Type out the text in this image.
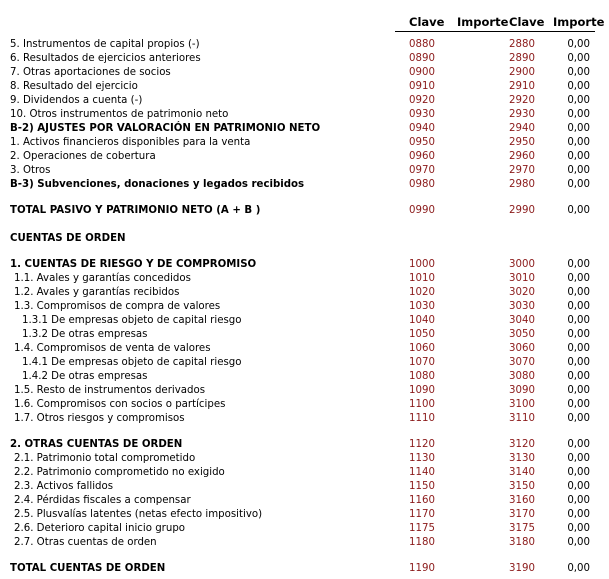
Clave Importe Clave Importe
5. Instrumentos de capital propios (-)	0880	2880	0,00
6. Resultados de ejercicios anteriores	0890	2890	0,00
7. Otras aportaciones de socios	0900	2900	0,00
8. Resultado del ejercicio	0910	2910	0,00
9. Dividendos a cuenta (-)	0920	2920	0,00
10. Otros instrumentos de patrimonio neto	0930	2930	0,00
B-2) AJUSTES POR VALORACIÓN EN PATRIMONIO NETO	0940	2940	0,00
1. Activos financieros disponibles para la venta	0950	2950	0,00
2. Operaciones de cobertura	0960	2960	0,00
3. Otros	0970	2970	0,00
B-3) Subvenciones, donaciones y legados recibidos	0980	2980	0,00
TOTAL PASIVO Y PATRIMONIO NETO (A + B )	0990	2990	0,00
CUENTAS DE ORDEN
1. CUENTAS DE RIESGO Y DE COMPROMISO	1000	3000	0,00
1.1. Avales y garantías concedidos	1010	3010	0,00
1.2. Avales y garantías recibidos	1020	3020	0,00
1.3. Compromisos de compra de valores	1030	3030	0,00
1.3.1 De empresas objeto de capital riesgo	1040	3040	0,00
1.3.2 De otras empresas	1050	3050	0,00
1.4. Compromisos de venta de valores	1060	3060	0,00
1.4.1 De empresas objeto de capital riesgo	1070	3070	0,00
1.4.2 De otras empresas	1080	3080	0,00
1.5. Resto de instrumentos derivados	1090	3090	0,00
1.6. Compromisos con socios o partícipes	1100	3100	0,00
1.7. Otros riesgos y compromisos	1110	3110	0,00
2. OTRAS CUENTAS DE ORDEN	1120	3120	0,00
2.1. Patrimonio total comprometido	1130	3130	0,00
2.2. Patrimonio comprometido no exigido	1140	3140	0,00
2.3. Activos fallidos	1150	3150	0,00
2.4. Pérdidas fiscales a compensar	1160	3160	0,00
2.5. Plusvalías latentes (netas efecto impositivo)	1170	3170	0,00
2.6. Deterioro capital inicio grupo	1175	3175	0,00
2.7. Otras cuentas de orden	1180	3180	0,00
TOTAL CUENTAS DE ORDEN	1190	3190	0,00
